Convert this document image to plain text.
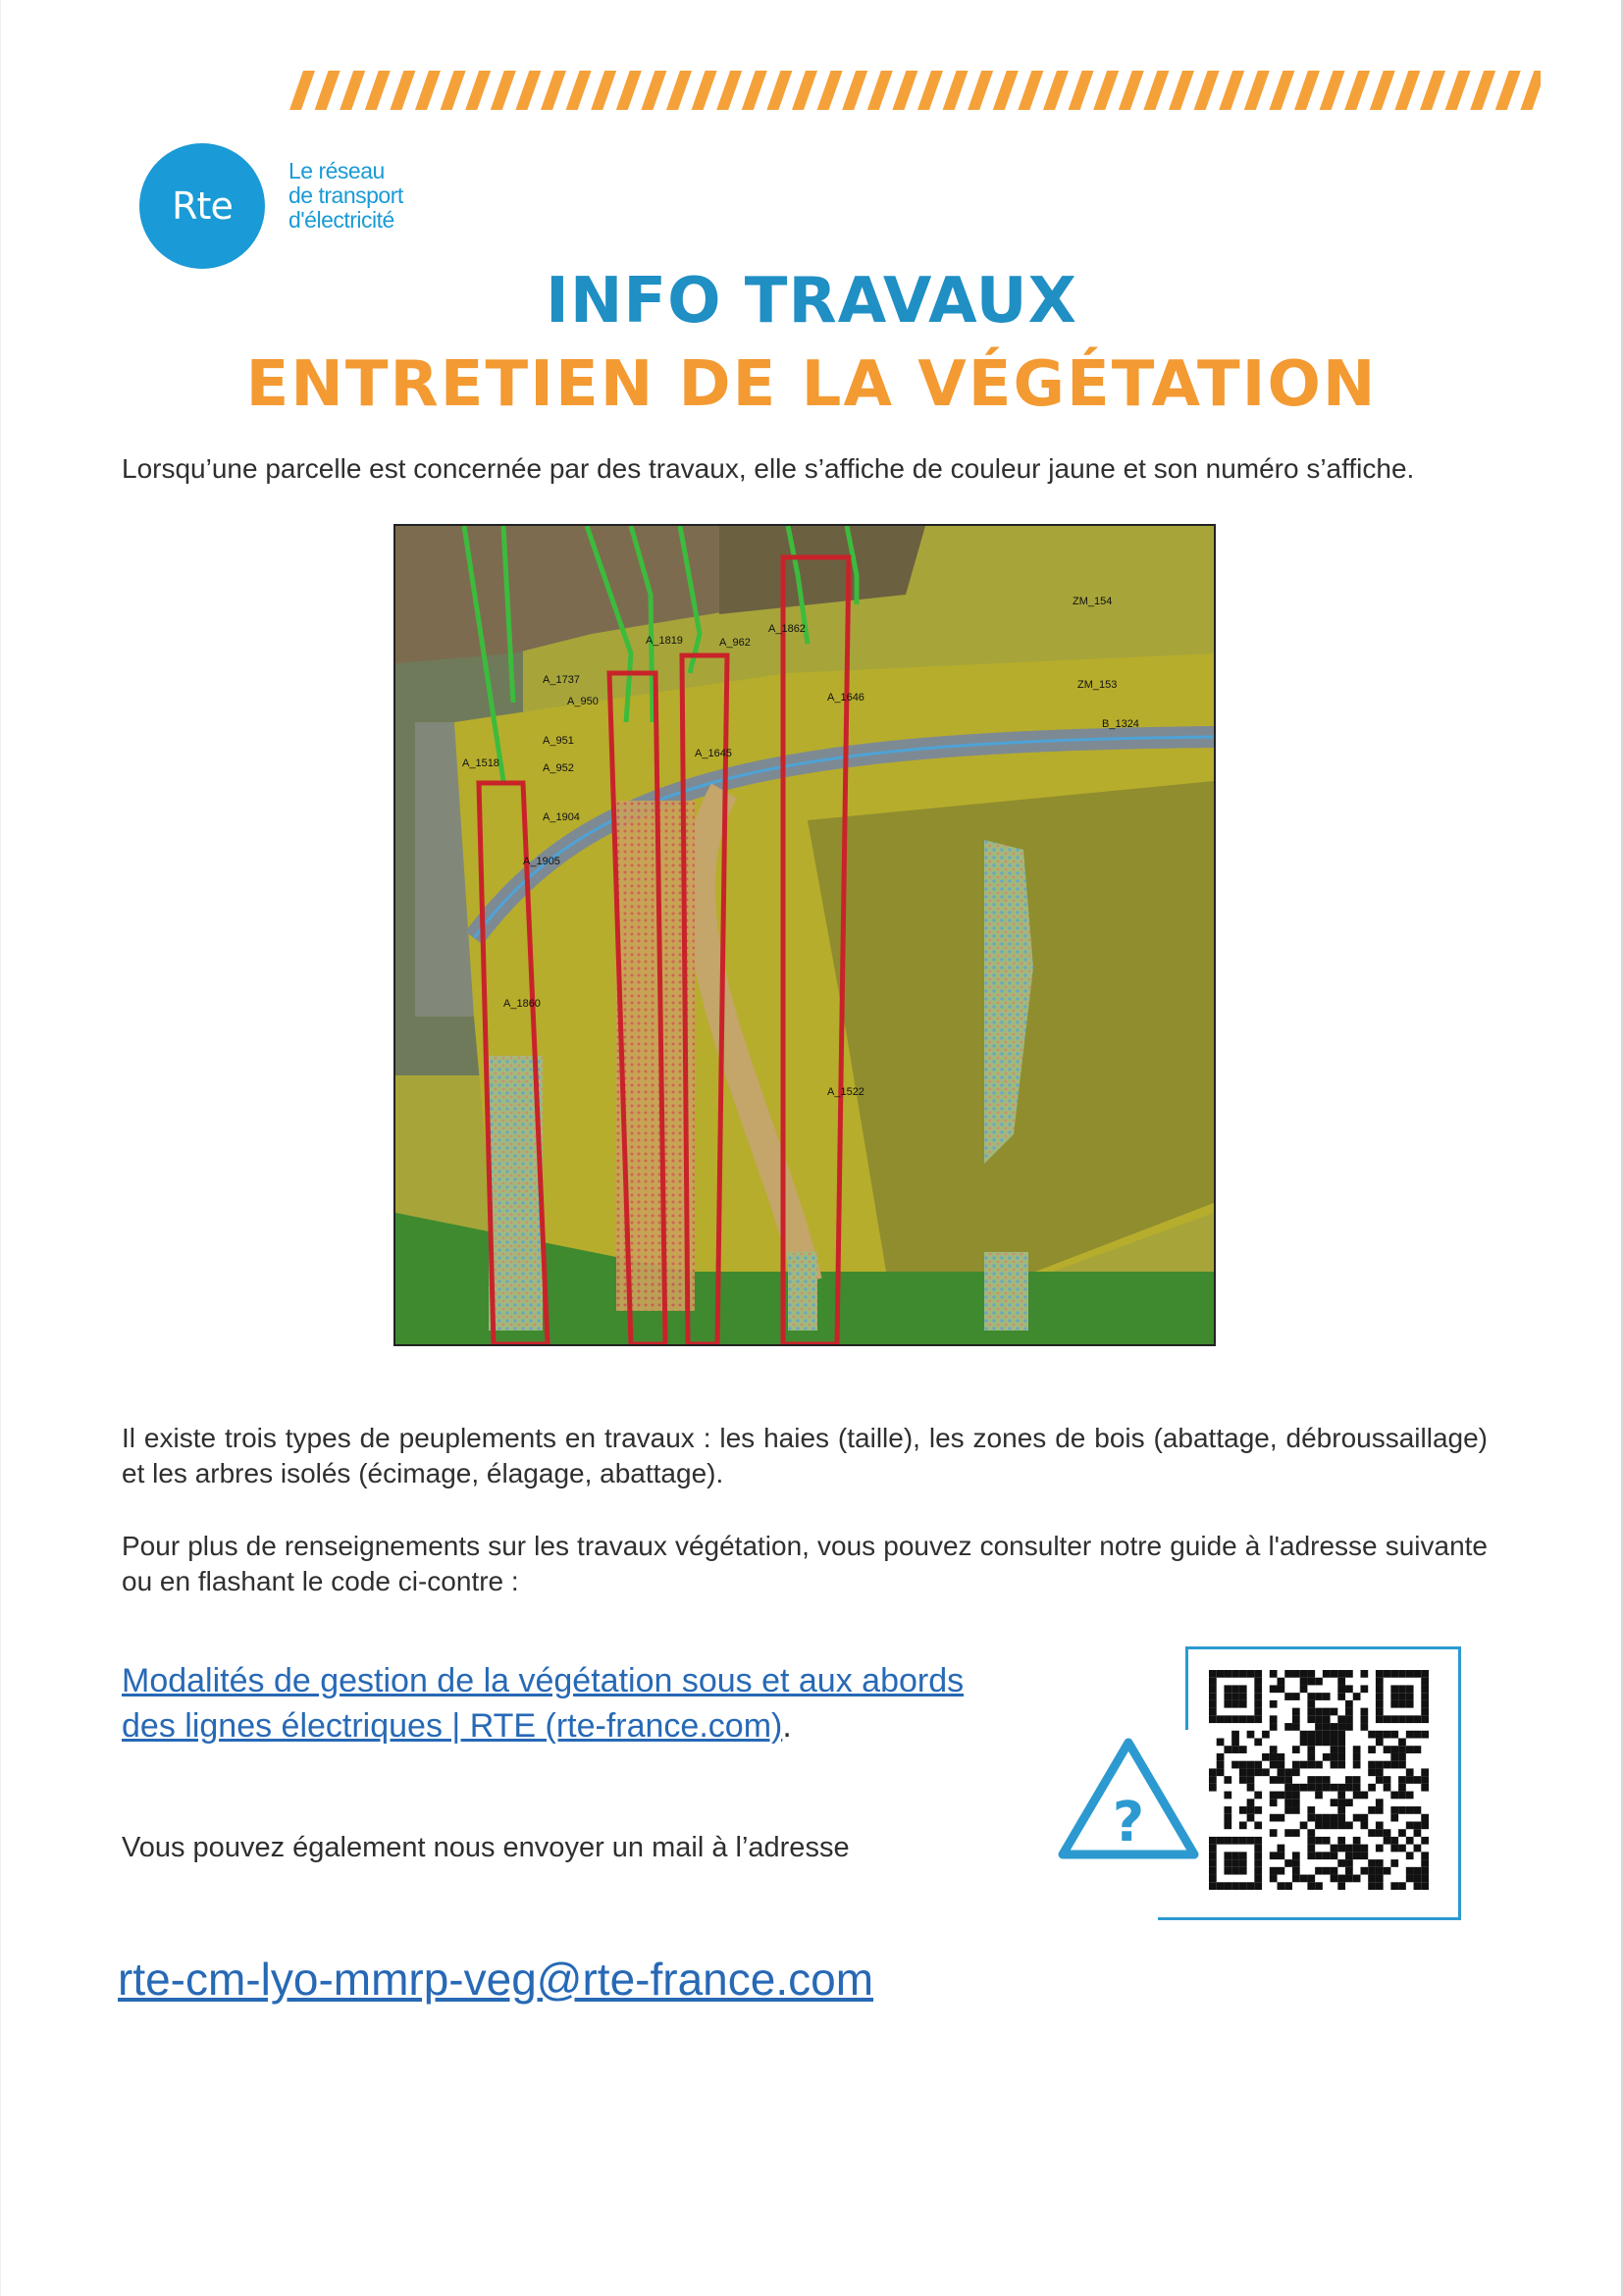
Rte
Le réseau
de transport
d'électricité
INFO TRAVAUX
ENTRETIEN DE LA VÉGÉTATION
Lorsqu’une parcelle est concernée par des travaux, elle s’affiche de couleur jaune et son numéro s’affiche.
A_1819
A_1862
A_962
ZM_154
ZM_153
B_1324
A_1737
A_950	A_1646
A_951
A_1645
A_1518	A_952
A_1904
A_1905
A_1860
A_1522
Il existe trois types de peuplements en travaux : les haies (taille), les zones de bois (abattage, débroussaillage) et les arbres isolés (écimage, élagage, abattage).
Pour plus de renseignements sur les travaux végétation, vous pouvez consulter notre guide à l'adresse suivante ou en flashant le code ci-contre :
Modalités de gestion de la végétation sous et aux abords
des lignes électriques | RTE (rte-france.com).
Vous pouvez également nous envoyer un mail à l’adresse
rte-cm-lyo-mmrp-veg@rte-france.com
?
